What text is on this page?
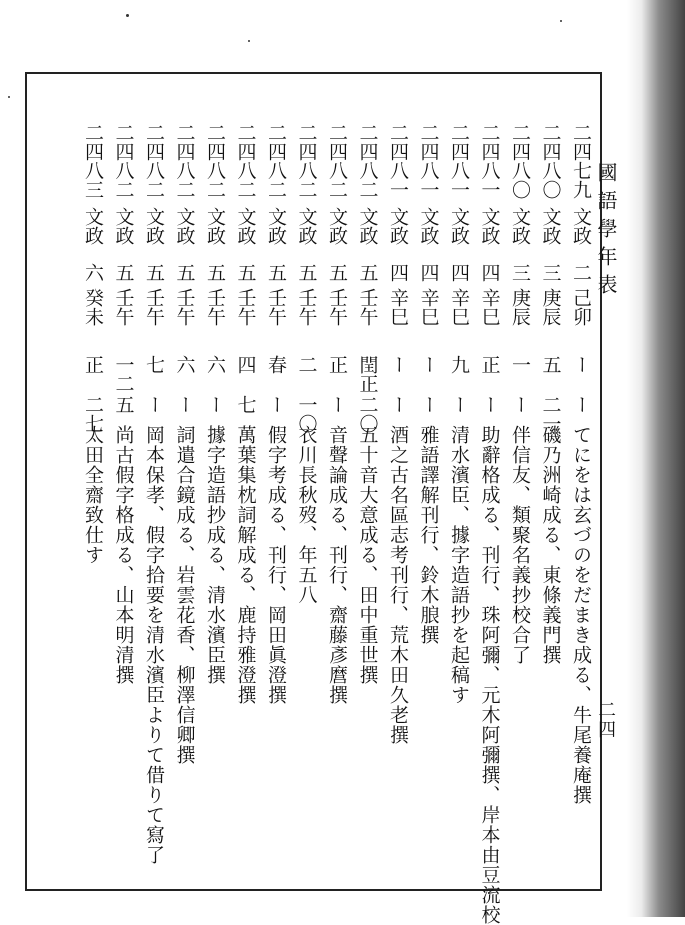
國語學年表
二四
二四七九
文政
二己卯
ー
ー
てにをは玄づのをだまき成る、牛尾養庵撰
二四八〇
文政
三庚辰
五
二一
磯乃洲崎成る、東條義門撰
二四八〇
文政
三庚辰
一
ー
伴信友、類聚名義抄校合了
二四八一
文政
四辛巳
正
ー
助辭格成る、刊行、珠阿彌、元木阿彌撰、岸本由豆流校
二四八一
文政
四辛巳
九
ー
清水濱臣、據字造語抄を起稿す
二四八一
文政
四辛巳
ー
ー
雅語譯解刊行、鈴木朖撰
二四八一
文政
四辛巳
ー
ー
酒之古名區志考刊行、荒木田久老撰
二四八二
文政
五壬午
閏正
二〇
五十音大意成る、田中重世撰
二四八二
文政
五壬午
正
ー
音聲論成る、刊行、齋藤彥麿撰
二四八二
文政
五壬午
二
一〇
衣川長秋歿、年五八
二四八二
文政
五壬午
春
ー
假字考成る、刊行、岡田眞澄撰
二四八二
文政
五壬午
四
七
萬葉集枕詞解成る、鹿持雅澄撰
二四八二
文政
五壬午
六
ー
據字造語抄成る、清水濱臣撰
二四八二
文政
五壬午
六
ー
詞遣合鏡成る、岩雲花香、柳澤信卿撰
二四八二
文政
五壬午
七
ー
岡本保孝、假字拾要を清水濱臣よりて借りて寫了
二四八二
文政
五壬午
一二
五
尚古假字格成る、山本明清撰
二四八三
文政
六癸未
正
二七
太田全齋致仕す
